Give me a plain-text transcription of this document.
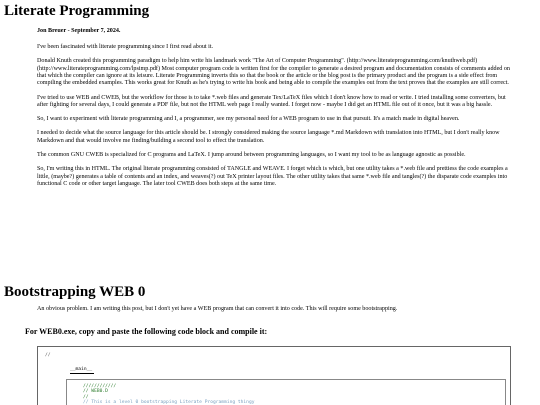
Literate Programming
Jon Breuer - September 7, 2024.

I've been fascinated with literate programming since I first read about it.

Donald Knuth created this programming paradigm to help him write his landmark work "The Art of Computer Programming". (http://www.literateprogramming.com/knuthweb.pdf) (http://www.literateprogramming.com/lpsimp.pdf) Most computer program code is written first for the compiler to generate a desired program and documentation consists of comments added on that which the compiler can ignore at its leisure. Literate Programming inverts this so that the book or the article or the blog post is the primary product and the program is a side effect from compiling the embedded examples. This works great for Knuth as he's trying to write his book and being able to compile the examples out from the text proves that the examples are still correct.

I've tried to use WEB and CWEB, but the workflow for those is to take *.web files and generate Tex/LaTeX files which I don't know how to read or write. I tried installing some converters, but after fighting for several days, I could generate a PDF file, but not the HTML web page I really wanted. I forget now - maybe I did get an HTML file out of it once, but it was a big hassle.

So, I want to experiment with literate programming and I, a programmer, see my personal need for a WEB program to use in that pursuit. It's a match made in digital heaven.

I needed to decide what the source language for this article should be. I strongly considered making the source language *.md Markdown with translation into HTML, but I don't really know Markdown and that would involve me finding/building a second tool to effect the translation.

The common GNU CWEB is specialized for C programs and LaTeX. I jump around between programming languages, so I want my tool to be as language agnostic as possible.

So, I'm writing this in HTML. The original literate programming consisted of TANGLE and WEAVE. I forget which is which, but one utility takes a *.web file and prettiess the code examples a little, (maybe?) generates a table of contents and an index, and weaves(?) out TeX printer layout files. The other utility takes that same *.web file and tangles(?) the disparate code examples into functional C code or other target language. The later tool CWEB does both steps at the same time.

Bootstrapping WEB 0

An obvious problem. I am writing this post, but I don't yet have a WEB program that can convert it into code. This will require some bootstrapping.

For WEB0.exe, copy and paste the following code block and compile it:
//
__main__
////////////
// WEB0.D
//
// This is a level 0 bootstrapping Literate Programming thingy
